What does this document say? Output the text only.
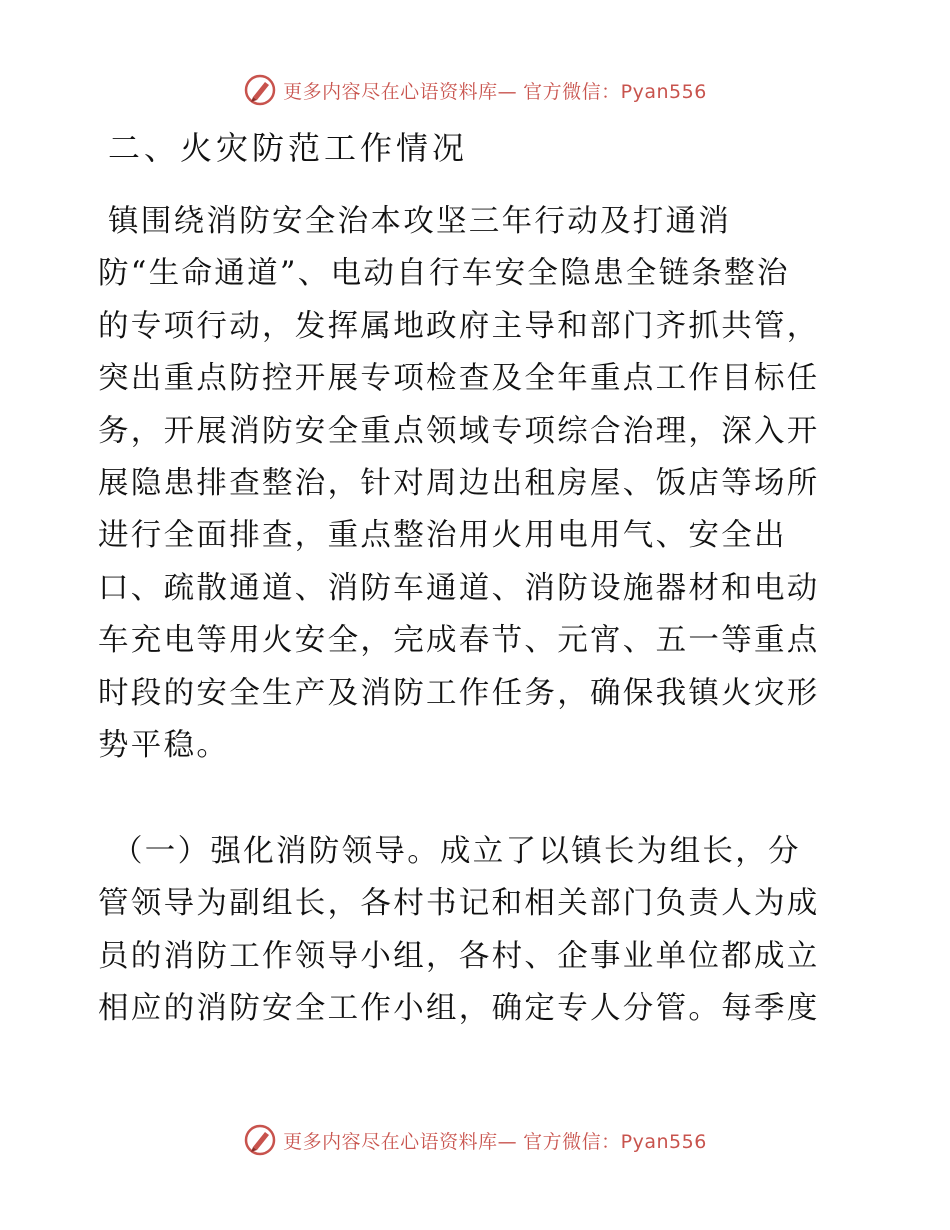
更多内容尽在心语资料库— 官方微信：Pyan556
二、火灾防范工作情况

镇围绕消防安全治本攻坚三年行动及打通消
防“生命通道”、电动自行车安全隐患全链条整治
的专项行动，发挥属地政府主导和部门齐抓共管，
突出重点防控开展专项检查及全年重点工作目标任
务，开展消防安全重点领域专项综合治理，深入开
展隐患排查整治，针对周边出租房屋、饭店等场所
进行全面排查，重点整治用火用电用气、安全出
口、疏散通道、消防车通道、消防设施器材和电动
车充电等用火安全，完成春节、元宵、五一等重点
时段的安全生产及消防工作任务，确保我镇火灾形
势平稳。

（一）强化消防领导。成立了以镇长为组长，分
管领导为副组长，各村书记和相关部门负责人为成
员的消防工作领导小组，各村、企事业单位都成立
相应的消防安全工作小组，确定专人分管。每季度

更多内容尽在心语资料库— 官方微信：Pyan556
